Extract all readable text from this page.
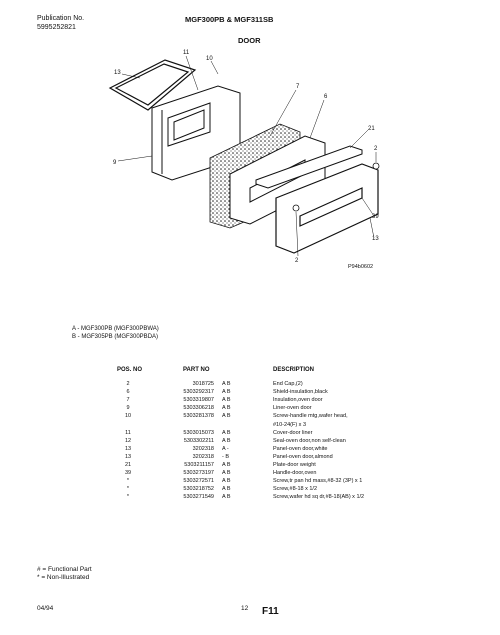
Publication No.
5995252821
MGF300PB & MGF311SB
DOOR
13
11
10
9
7
6
21
2
39
13
2
P94b0602
A - MGF300PB (MGF300PBWA)
B - MGF305PB (MGF300PBDA)
POS. NO	PART NO	DESCRIPTION
2	3018725 A B	End Cap,(2)
6	5303292317 A B	Shield-insulation,black
7	5303319807 A B	Insulation,oven door
9	5303306218 A B	Liner-oven door
10	5303281378 A B	Screw-handle mtg,wafer head,
#10-24(F) x 3
11	5303015073 A B	Cover-door liner
12	5303302211 A B	Seal-oven door,non self-clean
13	3202318 A -	Panel-oven door,white
13	3202318 - B	Panel-oven door,almond
21	5303211157 A B	Plate-door weight
39	5303273197 A B	Handle-door,oven
*	5303272571 A B	Screw,tr pan hd mass,#8-32 (3P) x 1
*	5303218752 A B	Screw,#8-18 x 1/2
*	5303271549 A B	Screw,wafer hd sq dr,#8-18(AB) x 1/2
# = Functional Part
* = Non-Illustrated
04/94	12 F11
